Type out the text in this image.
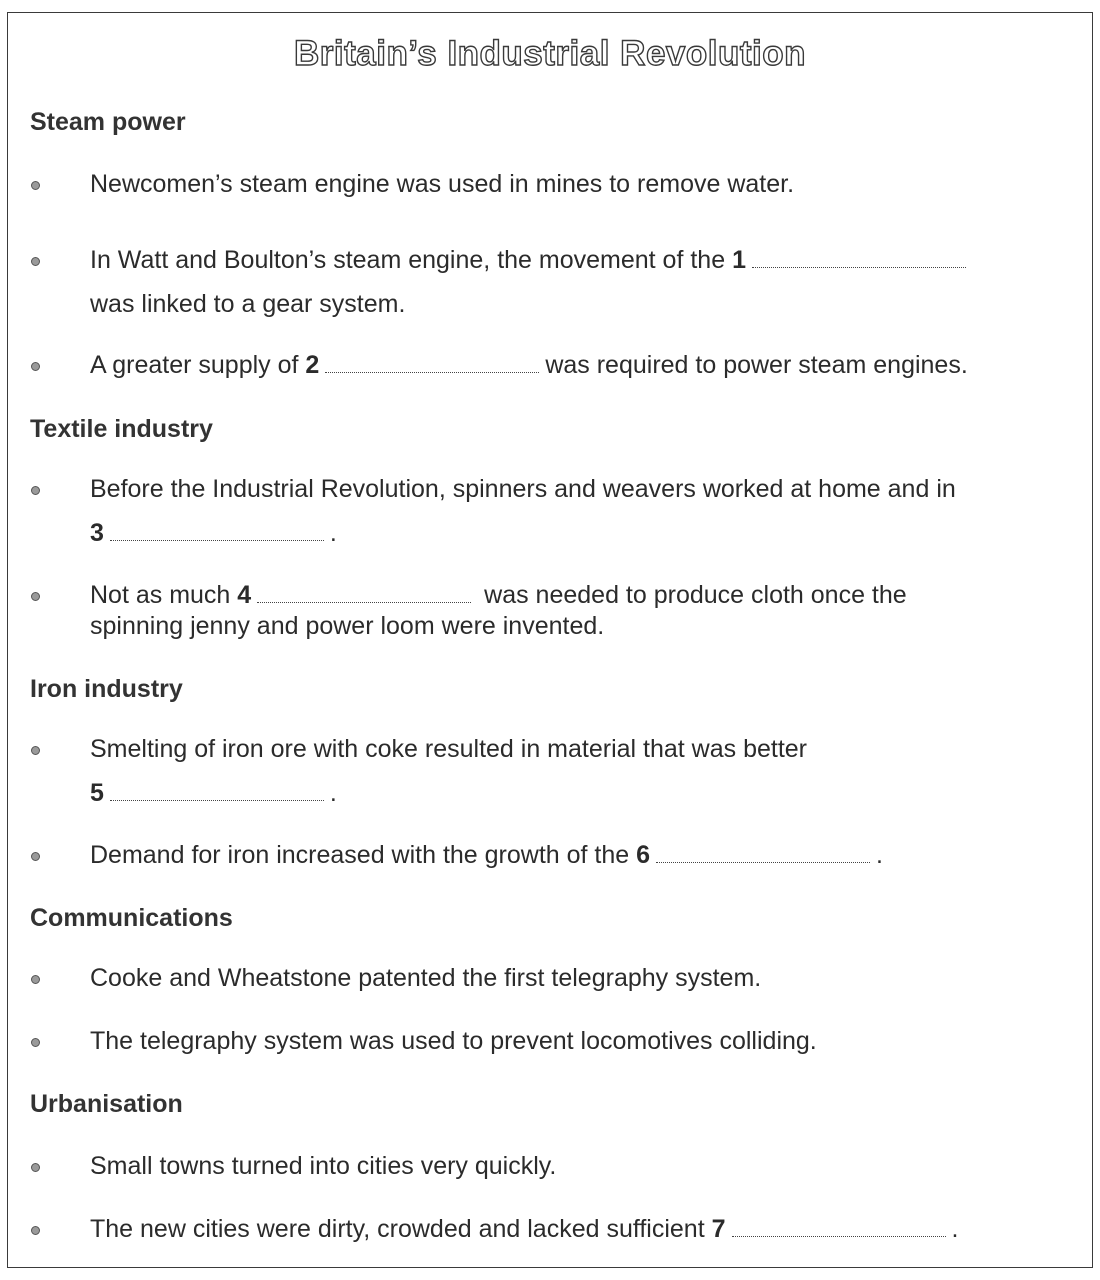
Britain’s Industrial Revolution
Steam power
Newcomen’s steam engine was used in mines to remove water.
In Watt and Boulton’s steam engine, the movement of the 1
was linked to a gear system.
A greater supply of 2	was required to power steam engines.
Textile industry
Before the Industrial Revolution, spinners and weavers worked at home and in
3	.
Not as much 4	was needed to produce cloth once the
spinning jenny and power loom were invented.
Iron industry
Smelting of iron ore with coke resulted in material that was better
5	.
Demand for iron increased with the growth of the 6	.
Communications
Cooke and Wheatstone patented the first telegraphy system.
The telegraphy system was used to prevent locomotives colliding.
Urbanisation
Small towns turned into cities very quickly.
The new cities were dirty, crowded and lacked sufficient 7	.
